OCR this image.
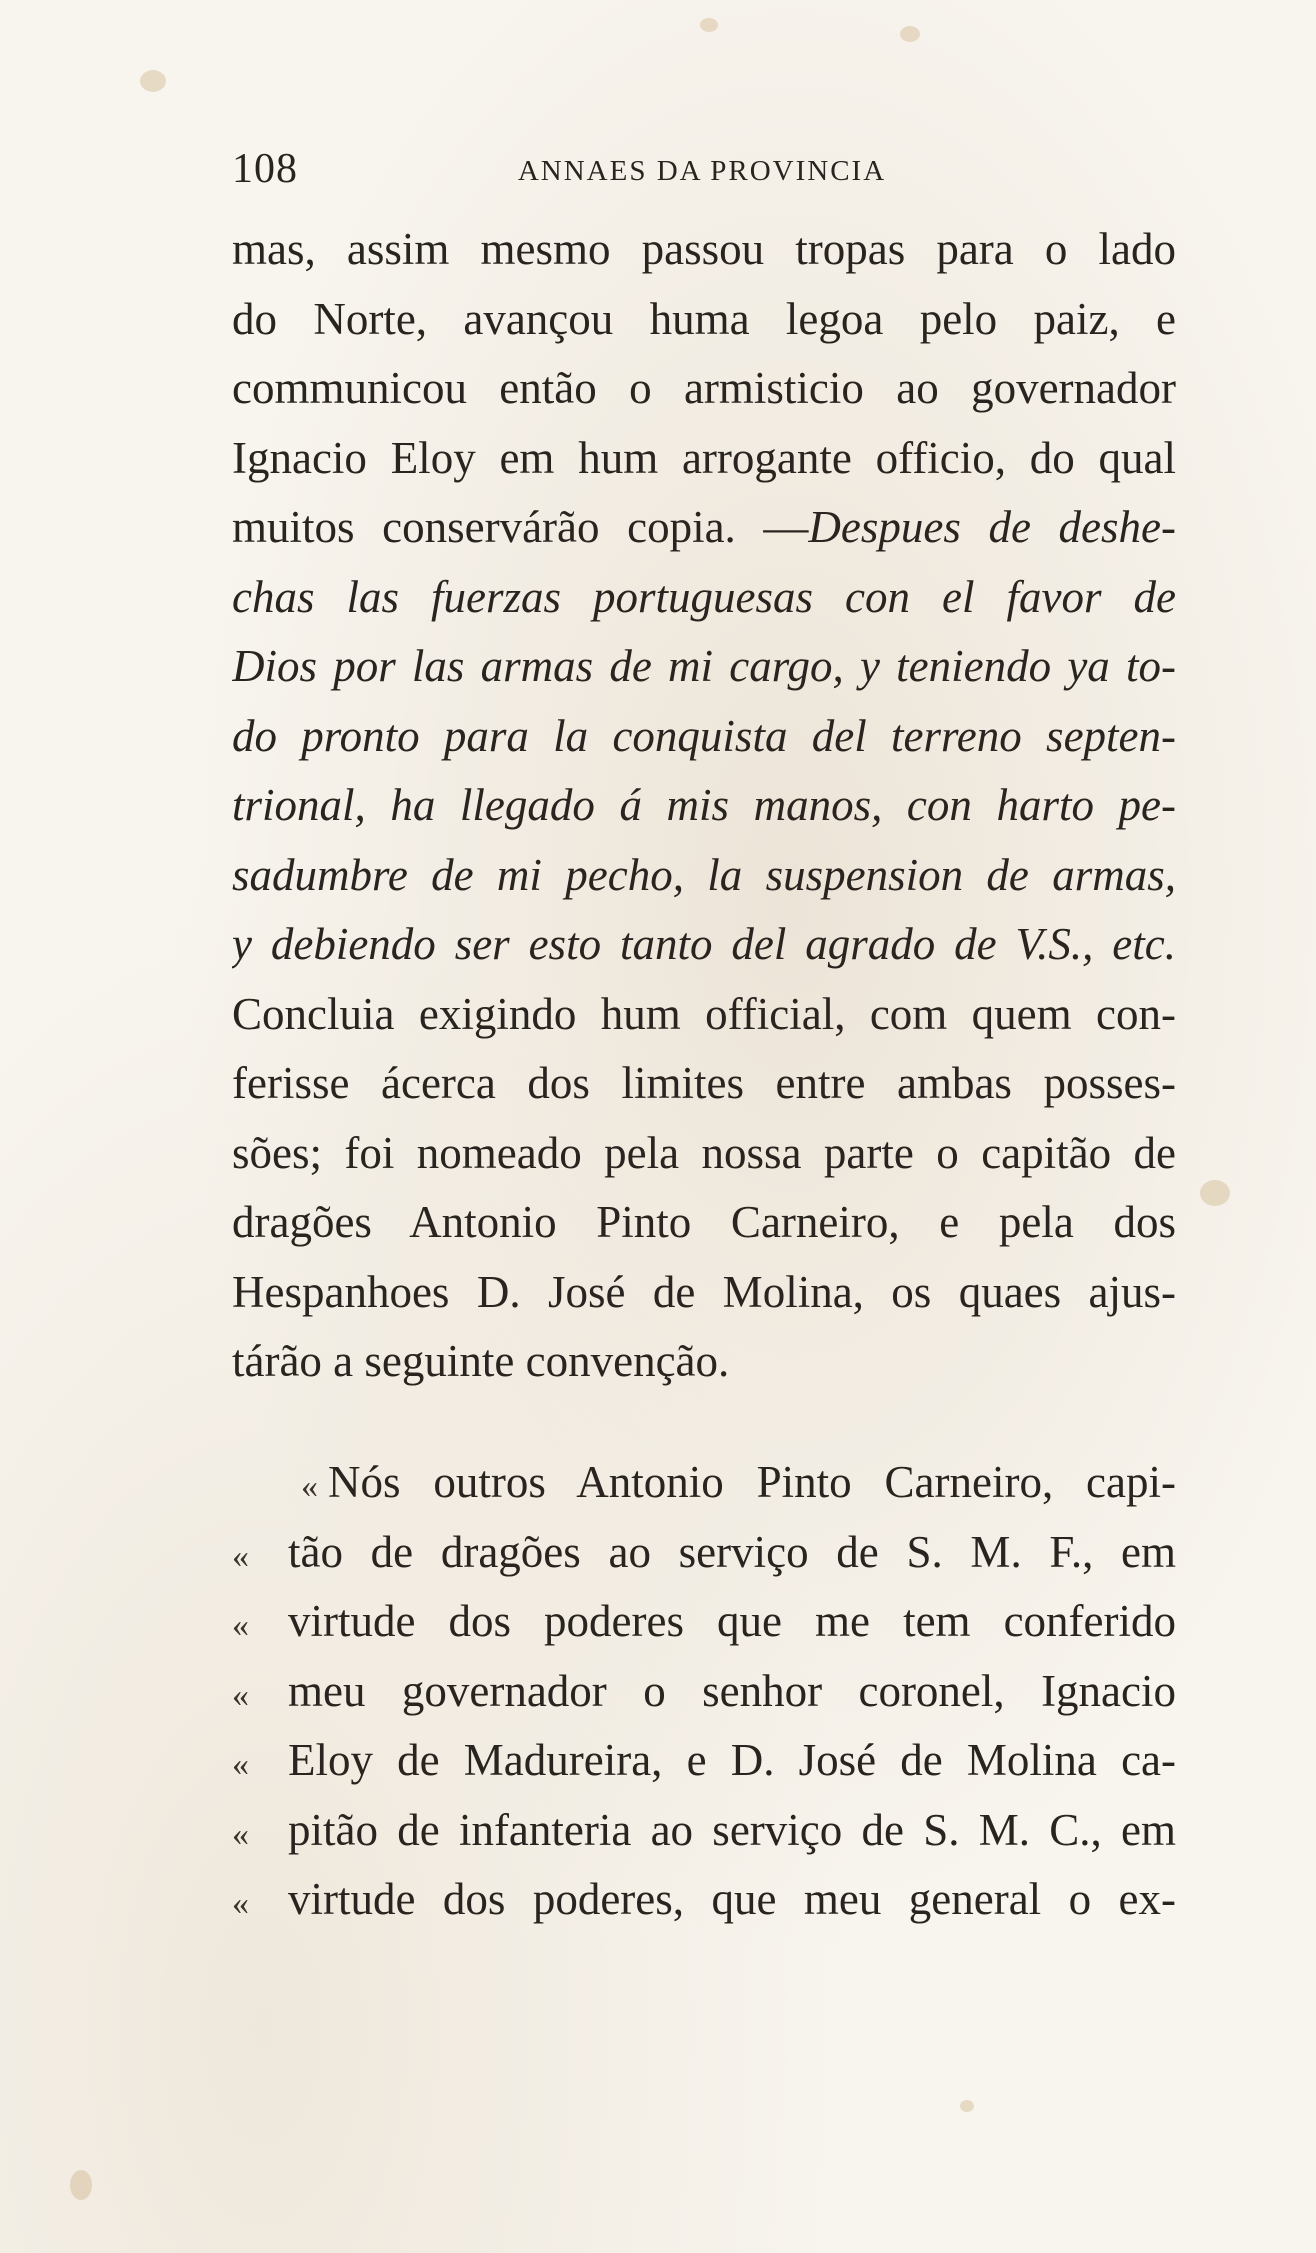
108	ANNAES DA PROVINCIA
mas, assim mesmo passou tropas para o lado
do Norte, avançou huma legoa pelo paiz, e
communicou então o armisticio ao governador
Ignacio Eloy em hum arrogante officio, do qual
muitos conservárão copia. —Despues de deshe-
chas las fuerzas portuguesas con el favor de
Dios por las armas de mi cargo, y teniendo ya to-
do pronto para la conquista del terreno septen-
trional, ha llegado á mis manos, con harto pe-
sadumbre de mi pecho, la suspension de armas,
y debiendo ser esto tanto del agrado de V.S., etc.
Concluia exigindo hum official, com quem con-
ferisse ácerca dos limites entre ambas posses-
sões; foi nomeado pela nossa parte o capitão de
dragões Antonio Pinto Carneiro, e pela dos
Hespanhoes D. José de Molina, os quaes ajus-
tárão a seguinte convenção.
« Nós outros Antonio Pinto Carneiro, capi-
« tão de dragões ao serviço de S. M. F., em
« virtude dos poderes que me tem conferido
« meu governador o senhor coronel, Ignacio
« Eloy de Madureira, e D. José de Molina ca-
« pitão de infanteria ao serviço de S. M. C., em
« virtude dos poderes, que meu general o ex-
